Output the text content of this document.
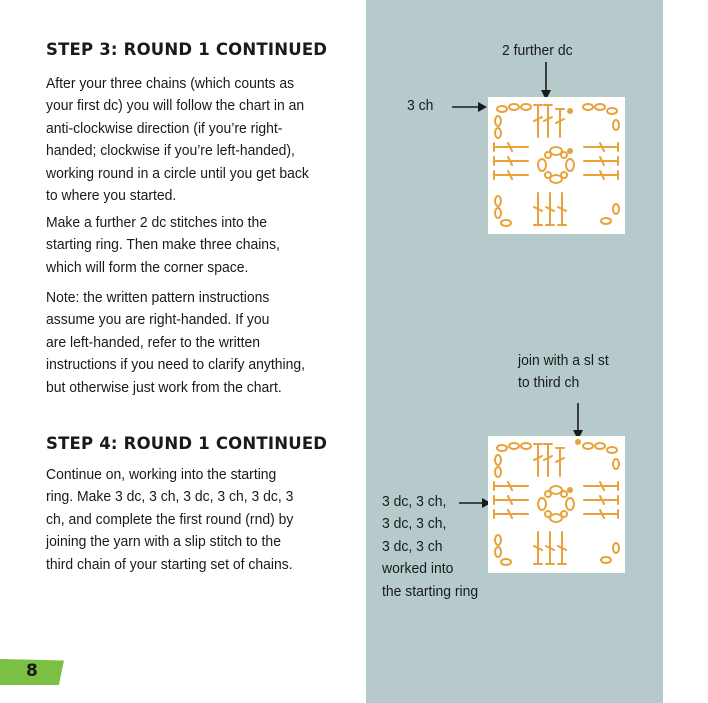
STEP 3: ROUND 1 CONTINUED

After your three chains (which counts as
your first dc) you will follow the chart in an
anti-clockwise direction (if you’re right-
handed; clockwise if you’re left-handed),
working round in a circle until you get back
to where you started.

Make a further 2 dc stitches into the
starting ring. Then make three chains,
which will form the corner space.

Note: the written pattern instructions
assume you are right-handed. If you
are left-handed, refer to the written
instructions if you need to clarify anything,
but otherwise just work from the chart.

STEP 4: ROUND 1 CONTINUED

Continue on, working into the starting
ring. Make 3 dc, 3 ch, 3 dc, 3 ch, 3 dc, 3
ch, and complete the first round (rnd) by
joining the yarn with a slip stitch to the
third chain of your starting set of chains.

2 further dc
3 ch
join with a sl st
to third ch
3 dc, 3 ch,
3 dc, 3 ch,
3 dc, 3 ch
worked into
the starting ring
8
